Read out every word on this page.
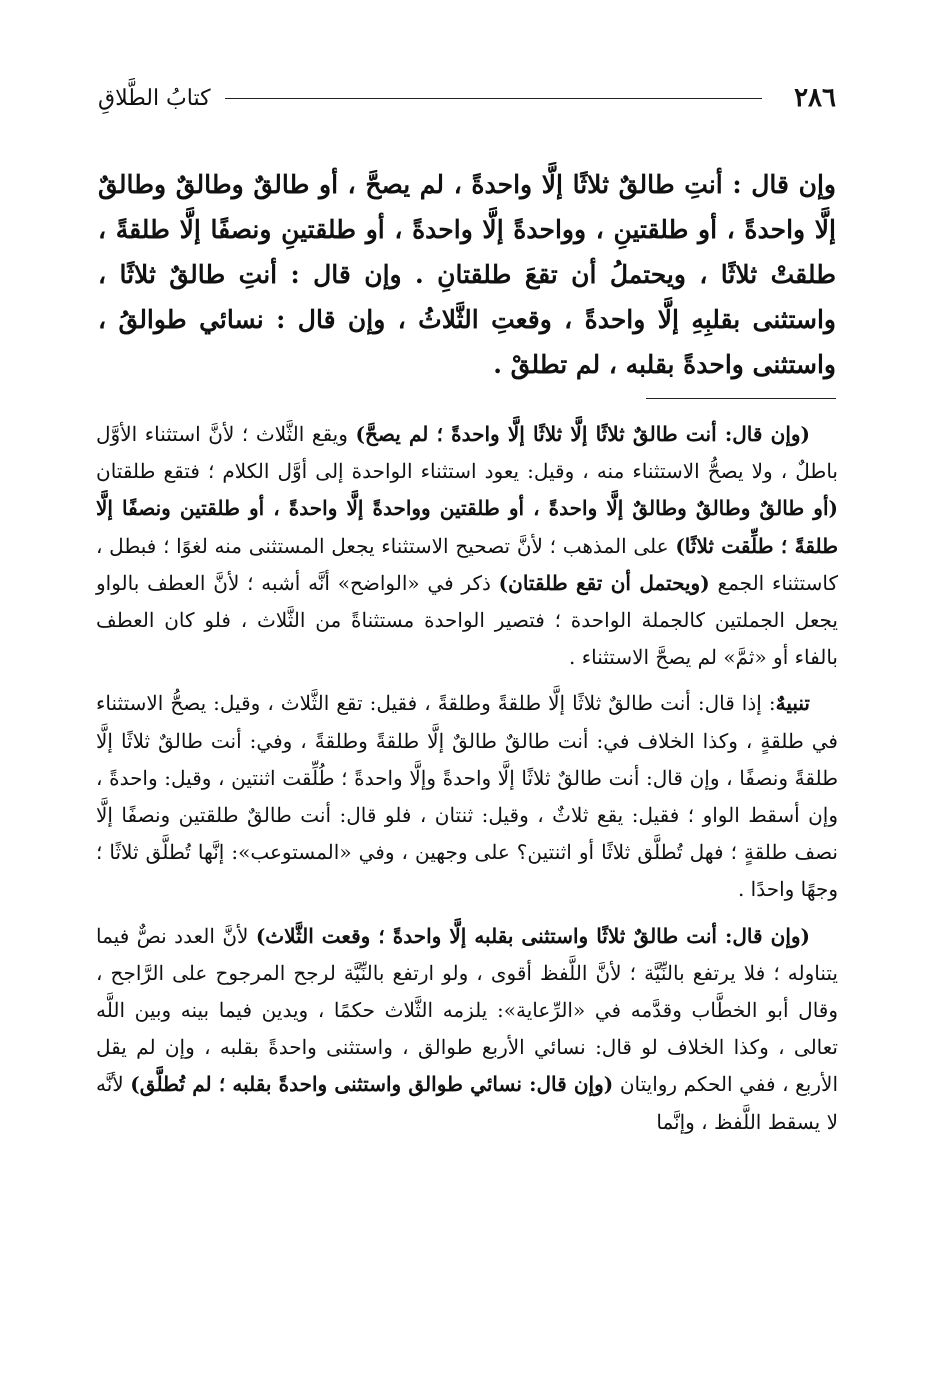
٢٨٦
كتابُ الطَّلاقِ
وإن قال : أنتِ طالقٌ ثلاثًا إلَّا واحدةً ، لم يصحَّ ، أو طالقٌ وطالقٌ وطالقٌ إلَّا واحدةً ، أو طلقتينِ ، وواحدةً إلَّا واحدةً ، أو طلقتينِ ونصفًا إلَّا طلقةً ، طلقتْ ثلاثًا ، ويحتملُ أن تقعَ طلقتانِ . وإن قال : أنتِ طالقٌ ثلاثًا ، واستثنى بقلبِهِ إلَّا واحدةً ، وقعتِ الثَّلاثُ ، وإن قال : نسائي طوالقُ ، واستثنى واحدةً بقلبه ، لم تطلقْ .

(وإن قال: أنت طالقٌ ثلاثًا إلَّا ثلاثًا إلَّا واحدةً ؛ لم يصحَّ) ويقع الثَّلاث ؛ لأنَّ استثناء الأوَّل باطلٌ ، ولا يصحُّ الاستثناء منه ، وقيل: يعود استثناء الواحدة إلى أوَّل الكلام ؛ فتقع طلقتان (أو طالقٌ وطالقٌ وطالقٌ إلَّا واحدةً ، أو طلقتين وواحدةً إلَّا واحدةً ، أو طلقتين ونصفًا إلَّا طلقةً ؛ طلِّقت ثلاثًا) على المذهب ؛ لأنَّ تصحيح الاستثناء يجعل المستثنى منه لغوًا ؛ فبطل ، كاستثناء الجمع (ويحتمل أن تقع طلقتان) ذكر في «الواضح» أنَّه أشبه ؛ لأنَّ العطف بالواو يجعل الجملتين كالجملة الواحدة ؛ فتصير الواحدة مستثناةً من الثَّلاث ، فلو كان العطف بالفاء أو «ثمَّ» لم يصحَّ الاستثناء .

تنبيهٌ: إذا قال: أنت طالقٌ ثلاثًا إلَّا طلقةً وطلقةً ، فقيل: تقع الثَّلاث ، وقيل: يصحُّ الاستثناء في طلقةٍ ، وكذا الخلاف في: أنت طالقٌ طالقٌ إلَّا طلقةً وطلقةً ، وفي: أنت طالقٌ ثلاثًا إلَّا طلقةً ونصفًا ، وإن قال: أنت طالقٌ ثلاثًا إلَّا واحدةً وإلَّا واحدةً ؛ طُلِّقت اثنتين ، وقيل: واحدةً ، وإن أسقط الواو ؛ فقيل: يقع ثلاثٌ ، وقيل: ثنتان ، فلو قال: أنت طالقٌ طلقتين ونصفًا إلَّا نصف طلقةٍ ؛ فهل تُطلَّق ثلاثًا أو اثنتين؟ على وجهين ، وفي «المستوعب»: إنَّها تُطلَّق ثلاثًا ؛ وجهًا واحدًا .

(وإن قال: أنت طالقٌ ثلاثًا واستثنى بقلبه إلَّا واحدةً ؛ وقعت الثَّلاث) لأنَّ العدد نصٌّ فيما يتناوله ؛ فلا يرتفع بالنِّيَّة ؛ لأنَّ اللَّفظ أقوى ، ولو ارتفع بالنِّيَّة لرجح المرجوح على الرَّاجح ، وقال أبو الخطَّاب وقدَّمه في «الرِّعاية»: يلزمه الثَّلاث حكمًا ، ويدين فيما بينه وبين اللَّه تعالى ، وكذا الخلاف لو قال: نسائي الأربع طوالق ، واستثنى واحدةً بقلبه ، وإن لم يقل الأربع ، ففي الحكم روايتان (وإن قال: نسائي طوالق واستثنى واحدةً بقلبه ؛ لم تُطلَّق) لأنَّه لا يسقط اللَّفظ ، وإنَّما
